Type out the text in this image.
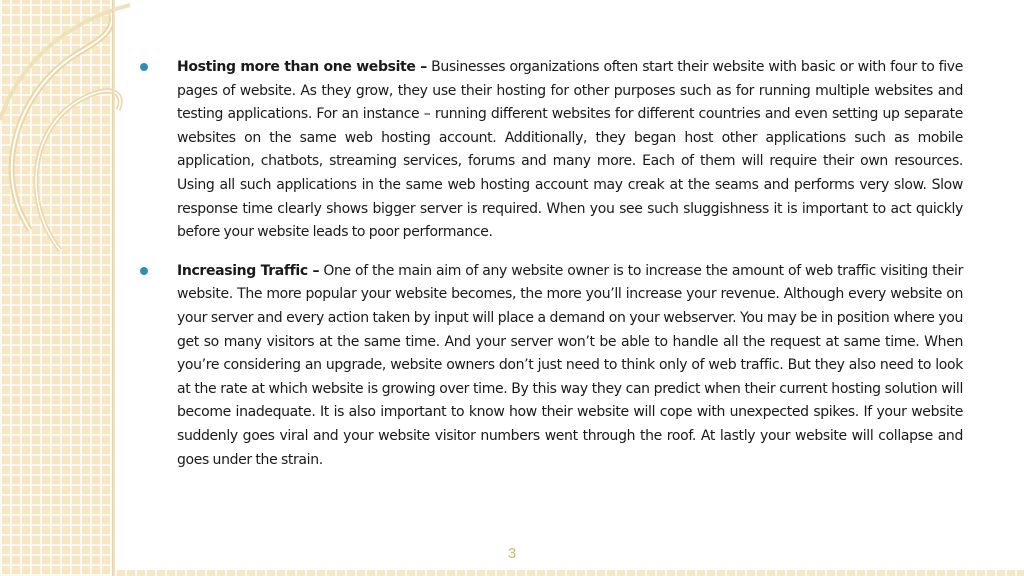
Hosting more than one website – Businesses organizations often start their website with basic or with four to five pages of website. As they grow, they use their hosting for other purposes such as for running multiple websites and testing applications. For an instance – running different websites for different countries and even setting up separate websites on the same web hosting account. Additionally, they began host other applications such as mobile application, chatbots, streaming services, forums and many more. Each of them will require their own resources. Using all such applications in the same web hosting account may creak at the seams and performs very slow. Slow response time clearly shows bigger server is required. When you see such sluggishness it is important to act quickly before your website leads to poor performance.

Increasing Traffic – One of the main aim of any website owner is to increase the amount of web traffic visiting their website. The more popular your website becomes, the more you’ll increase your revenue. Although every website on your server and every action taken by input will place a demand on your webserver. You may be in position where you get so many visitors at the same time. And your server won’t be able to handle all the request at same time. When you’re considering an upgrade, website owners don’t just need to think only of web traffic. But they also need to look at the rate at which website is growing over time. By this way they can predict when their current hosting solution will become inadequate. It is also important to know how their website will cope with unexpected spikes. If your website suddenly goes viral and your website visitor numbers went through the roof. At lastly your website will collapse and goes under the strain.

3
